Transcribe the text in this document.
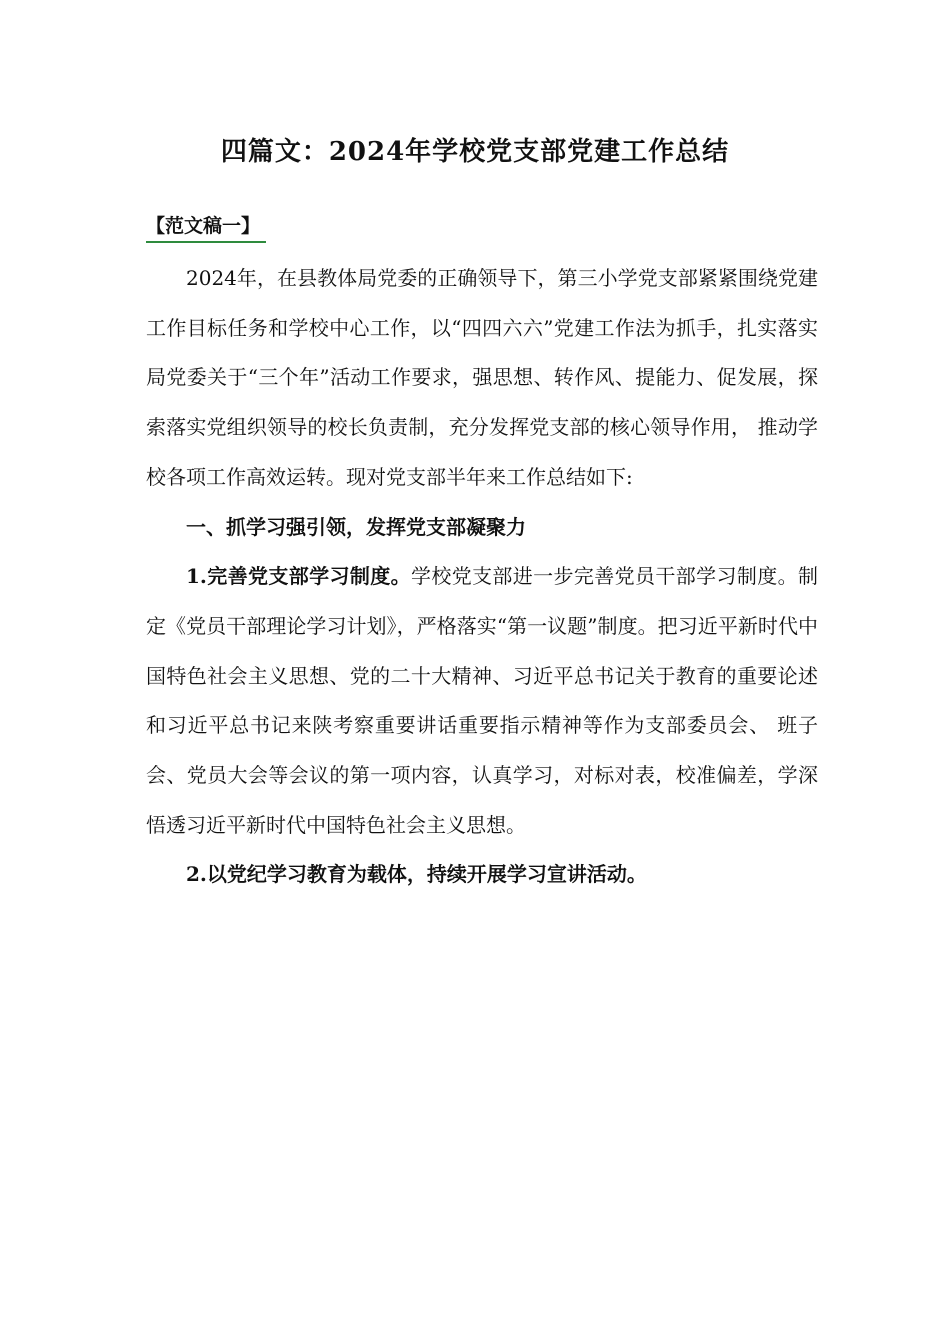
四篇文：2024年学校党支部党建工作总结
【范文稿一】

2024年，在县教体局党委的正确领导下，第三小学党支部紧紧围绕党建工作目标任务和学校中心工作，以“四四六六”党建工作法为抓手，扎实落实局党委关于“三个年”活动工作要求，强思想、转作风、提能力、促发展，探索落实党组织领导的校长负责制，充分发挥党支部的核心领导作用， 推动学校各项工作高效运转。现对党支部半年来工作总结如下:

一、抓学习强引领，发挥党支部凝聚力

1.完善党支部学习制度。学校党支部进一步完善党员干部学习制度。制定《党员干部理论学习计划》，严格落实“第一议题”制度。把习近平新时代中国特色社会主义思想、党的二十大精神、习近平总书记关于教育的重要论述和习近平总书记来陕考察重要讲话重要指示精神等作为支部委员会、 班子会、党员大会等会议的第一项内容，认真学习，对标对表，校准偏差，学深悟透习近平新时代中国特色社会主义思想。

2.以党纪学习教育为载体，持续开展学习宣讲活动。
